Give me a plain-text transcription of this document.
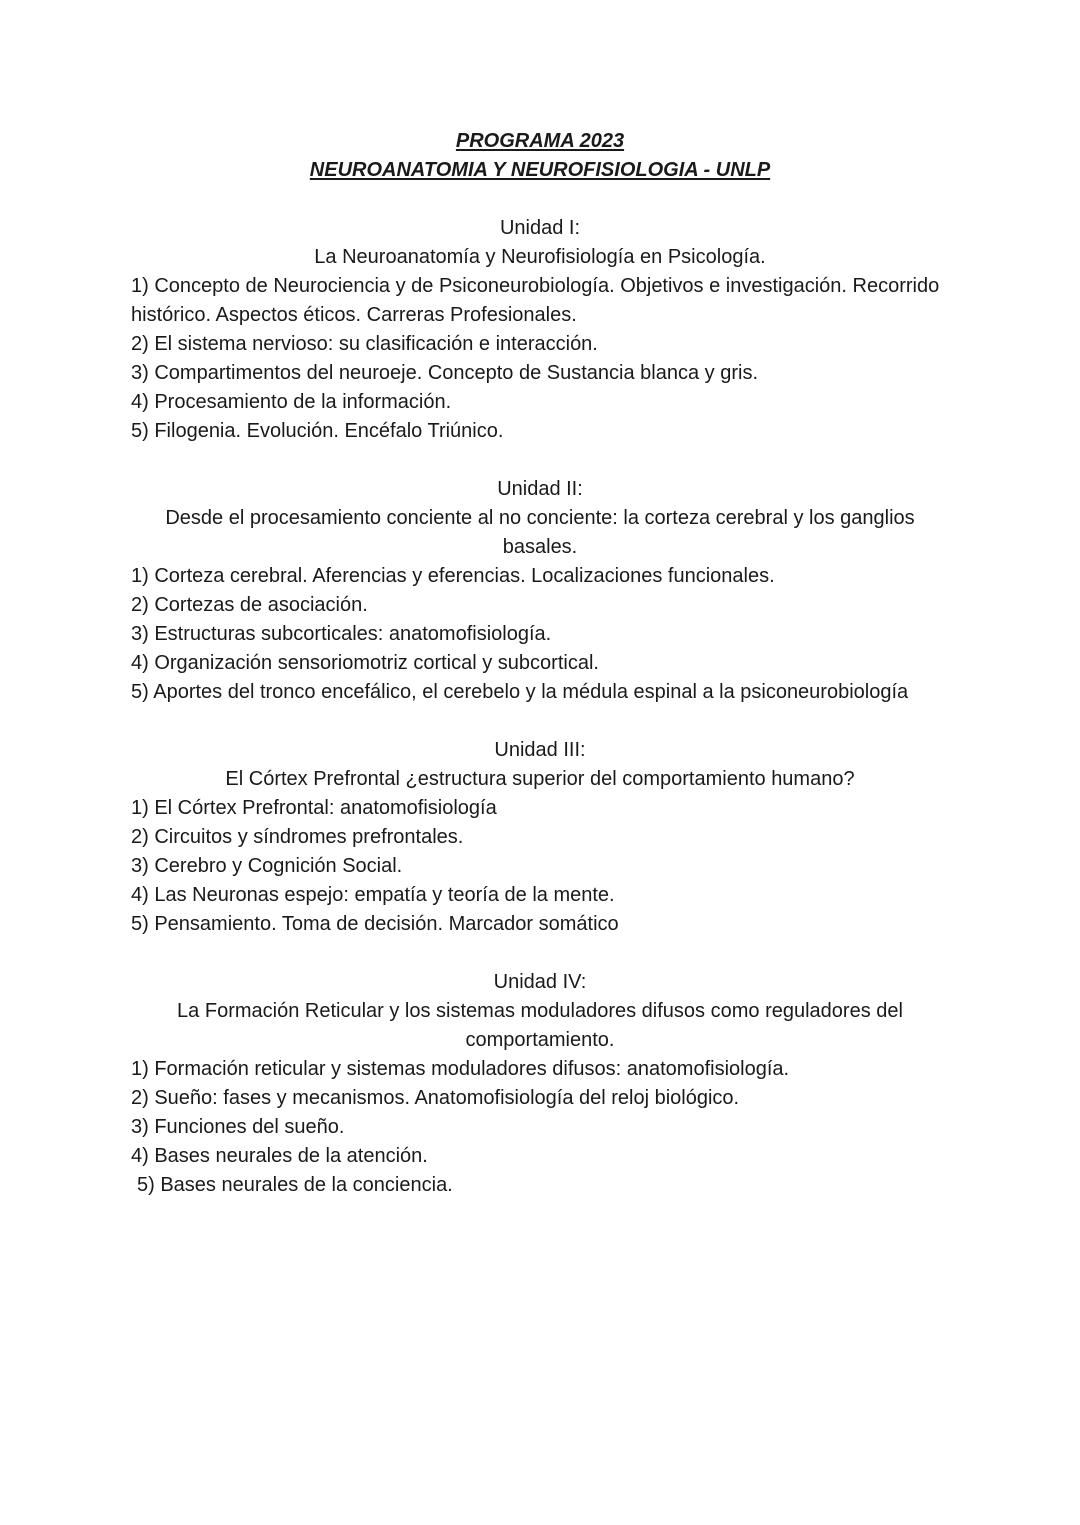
PROGRAMA 2023
NEUROANATOMIA Y NEUROFISIOLOGIA - UNLP
Unidad I:
La Neuroanatomía y Neurofisiología en Psicología.
1) Concepto de Neurociencia y de Psiconeurobiología. Objetivos e investigación. Recorrido histórico. Aspectos éticos. Carreras Profesionales.
2) El sistema nervioso: su clasificación e interacción.
3) Compartimentos del neuroeje. Concepto de Sustancia blanca y gris.
4) Procesamiento de la información.
5) Filogenia. Evolución. Encéfalo Triúnico.
Unidad II:
Desde el procesamiento conciente al no conciente: la corteza cerebral y los ganglios basales.
1) Corteza cerebral. Aferencias y eferencias. Localizaciones funcionales.
2) Cortezas de asociación.
3) Estructuras subcorticales: anatomofisiología.
4) Organización sensoriomotriz cortical y subcortical.
5) Aportes del tronco encefálico, el cerebelo y la médula espinal a la psiconeurobiología
Unidad III:
El Córtex Prefrontal ¿estructura superior del comportamiento humano?
1) El Córtex Prefrontal: anatomofisiología
2) Circuitos y síndromes prefrontales.
3) Cerebro y Cognición Social.
4) Las Neuronas espejo: empatía y teoría de la mente.
5) Pensamiento. Toma de decisión. Marcador somático
Unidad IV:
La Formación Reticular y los sistemas moduladores difusos como reguladores del comportamiento.
1) Formación reticular y sistemas moduladores difusos: anatomofisiología.
2) Sueño: fases y mecanismos. Anatomofisiología del reloj biológico.
3) Funciones del sueño.
4) Bases neurales de la atención.
5) Bases neurales de la conciencia.
